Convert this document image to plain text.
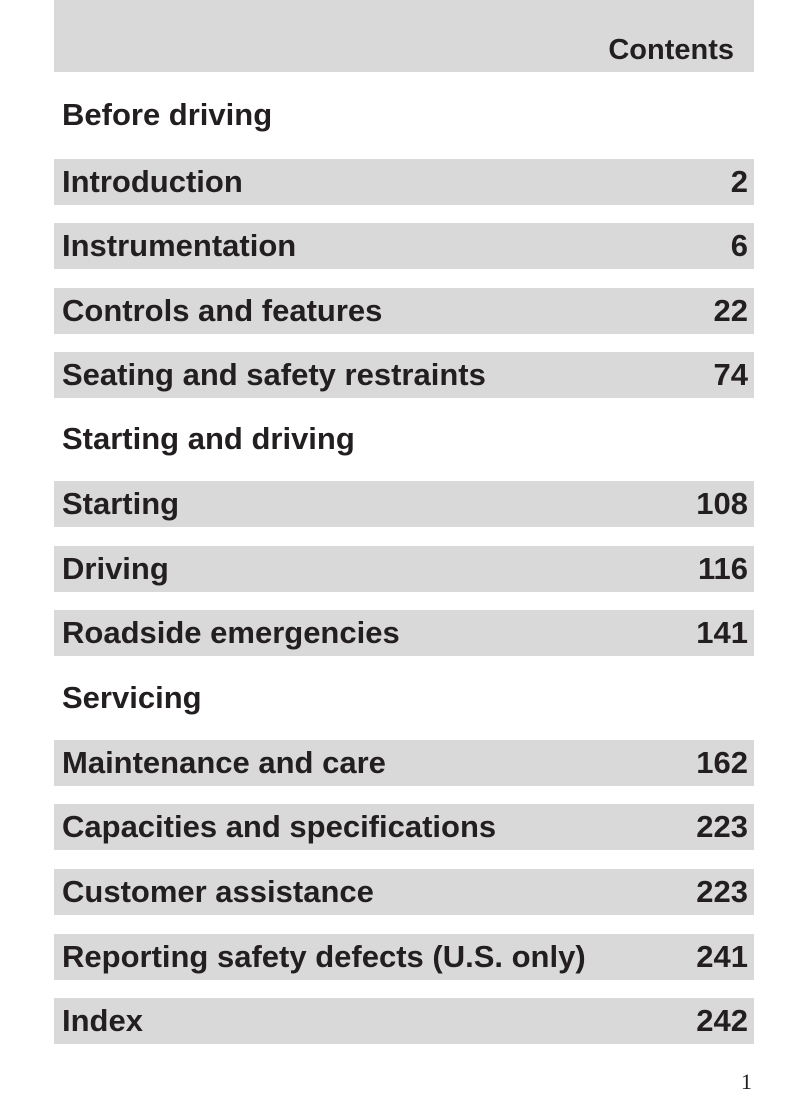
Contents
Before driving
Introduction	2
Instrumentation	6
Controls and features	22
Seating and safety restraints	74
Starting and driving
Starting	108
Driving	116
Roadside emergencies	141
Servicing
Maintenance and care	162
Capacities and specifications	223
Customer assistance	223
Reporting safety defects (U.S. only)	241
Index	242
1
